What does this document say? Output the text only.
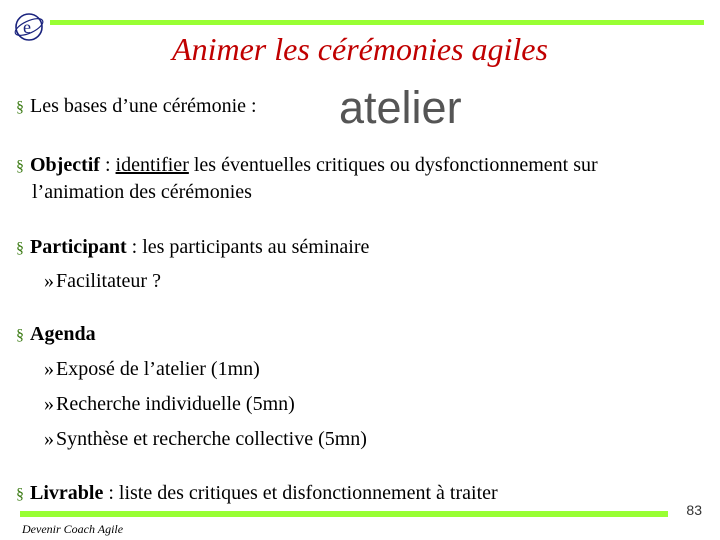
e
Animer les cérémonies agiles
§ Les bases d’une cérémonie : atelier
§ Objectif : identifier les éventuelles critiques ou dysfonctionnement sur
l’animation des cérémonies
§ Participant : les participants au séminaire
» Facilitateur ?
§ Agenda
» Exposé de l’atelier (1mn)
» Recherche individuelle (5mn)
» Synthèse et recherche collective (5mn)
§ Livrable : liste des critiques et disfonctionnement à traiter
83
Devenir Coach Agile
